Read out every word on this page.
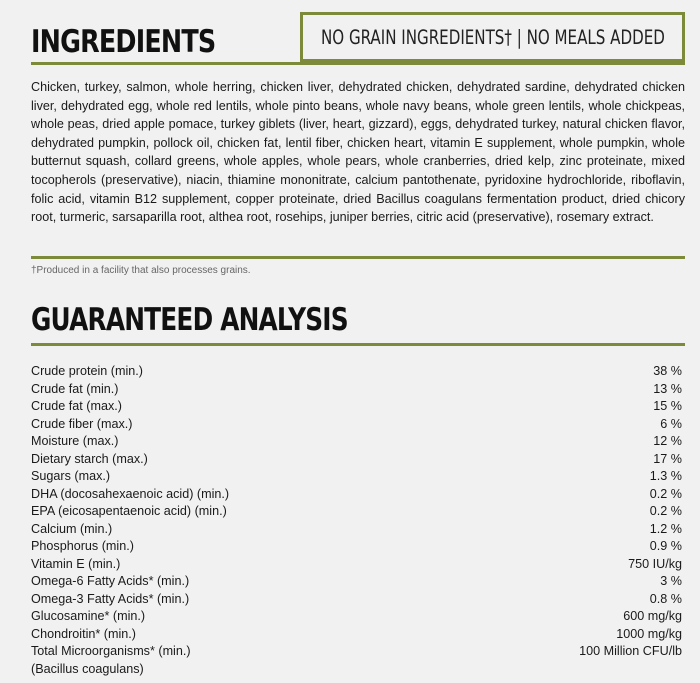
INGREDIENTS	NO GRAIN INGREDIENTS† | NO MEALS ADDED

Chicken, turkey, salmon, whole herring, chicken liver, dehydrated chicken, dehydrated sardine, dehydrated chicken liver, dehydrated egg, whole red lentils, whole pinto beans, whole navy beans, whole green lentils, whole chickpeas, whole peas, dried apple pomace, turkey giblets (liver, heart, gizzard), eggs, dehydrated turkey, natural chicken flavor, dehydrated pumpkin, pollock oil, chicken fat, lentil fiber, chicken heart, vitamin E supplement, whole pumpkin, whole butternut squash, collard greens, whole apples, whole pears, whole cranberries, dried kelp, zinc proteinate, mixed tocopherols (preservative), niacin, thiamine mononitrate, calcium pantothenate, pyridoxine hydrochloride, riboflavin, folic acid, vitamin B12 supplement, copper proteinate, dried Bacillus coagulans fermentation product, dried chicory root, turmeric, sarsaparilla root, althea root, rosehips, juniper berries, citric acid (preservative), rosemary extract.

†Produced in a facility that also processes grains.

GUARANTEED ANALYSIS
Crude protein (min.)	38 %
Crude fat (min.)	13 %
Crude fat (max.)	15 %
Crude fiber (max.)	6 %
Moisture (max.)	12 %
Dietary starch (max.)	17 %
Sugars (max.)	1.3 %
DHA (docosahexaenoic acid) (min.)	0.2 %
EPA (eicosapentaenoic acid) (min.)	0.2 %
Calcium (min.)	1.2 %
Phosphorus (min.)	0.9 %
Vitamin E (min.)	750 IU/kg
Omega-6 Fatty Acids* (min.)	3 %
Omega-3 Fatty Acids* (min.)	0.8 %
Glucosamine* (min.)	600 mg/kg
Chondroitin* (min.)	1000 mg/kg
Total Microorganisms* (min.)	100 Million CFU/lb
(Bacillus coagulans)
